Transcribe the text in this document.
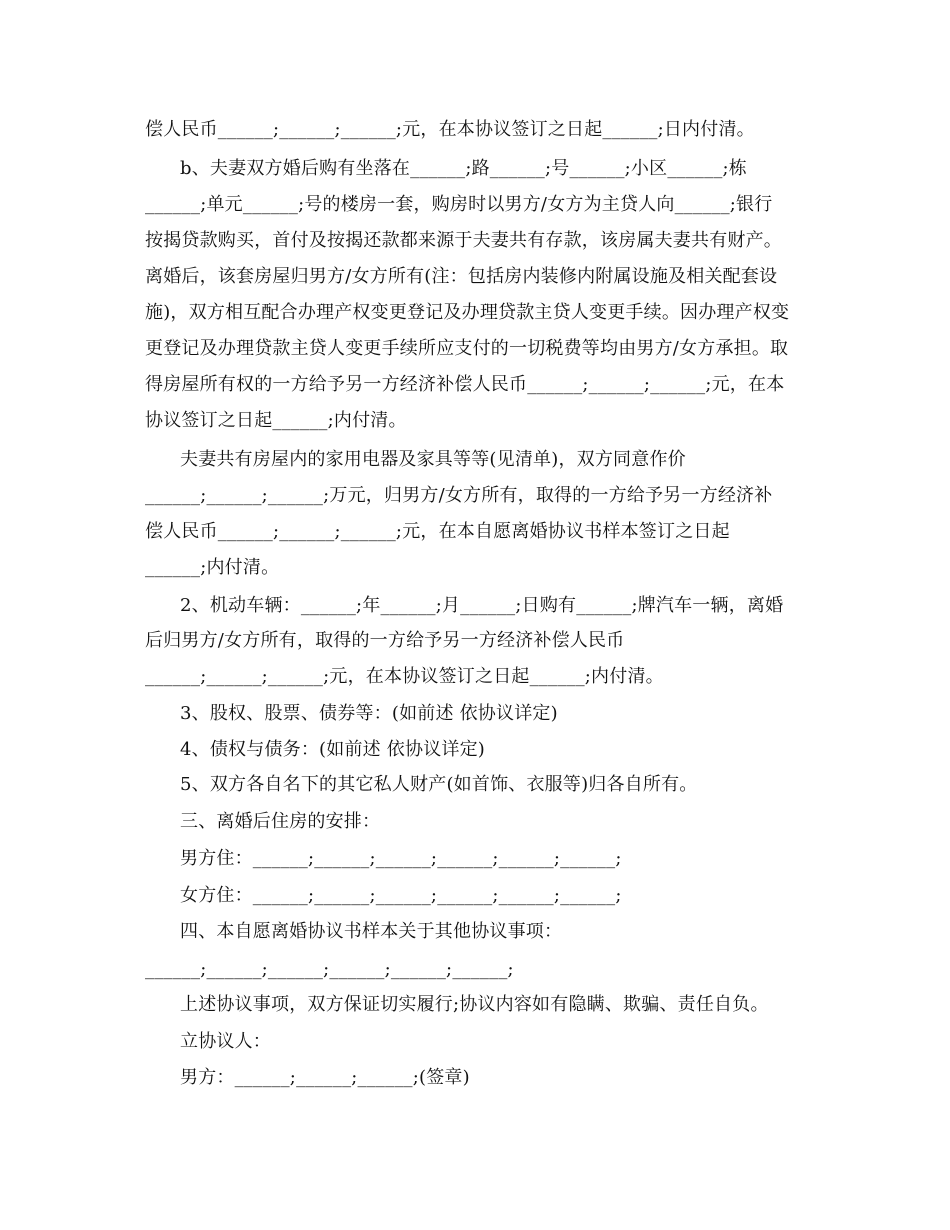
偿人民币______;______;______;元，在本协议签订之日起______;日内付清。
b、夫妻双方婚后购有坐落在______;路______;号______;小区______;栋
______;单元______;号的楼房一套，购房时以男方/女方为主贷人向______;银行
按揭贷款购买，首付及按揭还款都来源于夫妻共有存款，该房属夫妻共有财产。
离婚后，该套房屋归男方/女方所有(注：包括房内装修内附属设施及相关配套设
施)，双方相互配合办理产权变更登记及办理贷款主贷人变更手续。因办理产权变
更登记及办理贷款主贷人变更手续所应支付的一切税费等均由男方/女方承担。取
得房屋所有权的一方给予另一方经济补偿人民币______;______;______;元，在本
协议签订之日起______;内付清。
夫妻共有房屋内的家用电器及家具等等(见清单)，双方同意作价
______;______;______;万元，归男方/女方所有，取得的一方给予另一方经济补
偿人民币______;______;______;元，在本自愿离婚协议书样本签订之日起
______;内付清。
2、机动车辆：______;年______;月______;日购有______;牌汽车一辆，离婚
后归男方/女方所有，取得的一方给予另一方经济补偿人民币
______;______;______;元，在本协议签订之日起______;内付清。
3、股权、股票、债券等：(如前述 依协议详定)
4、债权与债务：(如前述 依协议详定)
5、双方各自名下的其它私人财产(如首饰、衣服等)归各自所有。
三、离婚后住房的安排：
男方住：______;______;______;______;______;______;
女方住：______;______;______;______;______;______;
四、本自愿离婚协议书样本关于其他协议事项：
______;______;______;______;______;______;
上述协议事项，双方保证切实履行;协议内容如有隐瞒、欺骗、责任自负。
立协议人：
男方：______;______;______;(签章)
